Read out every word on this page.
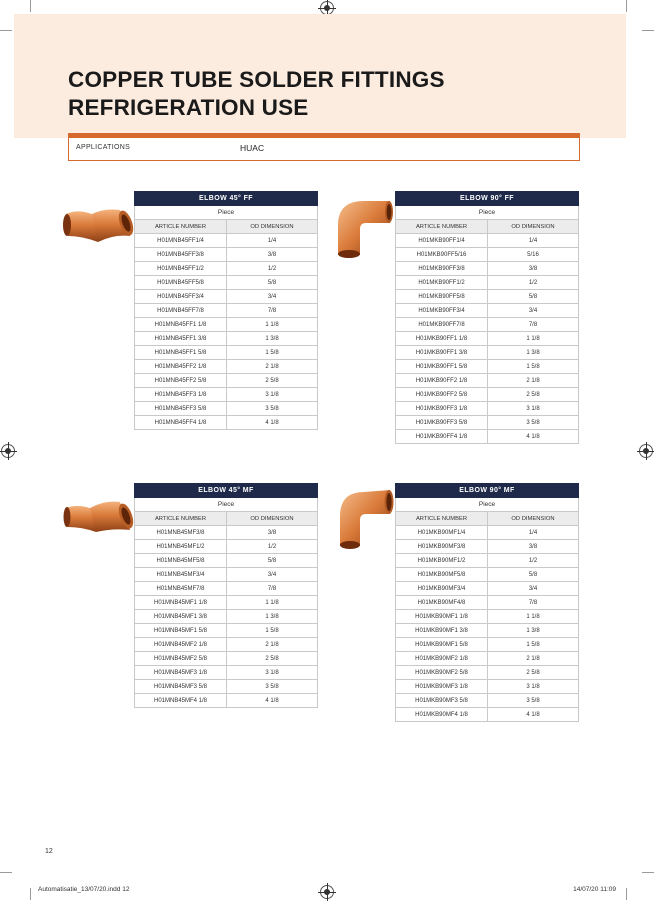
COPPER TUBE SOLDER FITTINGS
REFRIGERATION USE
APPLICATIONS	HUAC
ELBOW 45° FF	
Piece	
ARTICLE NUMBER	OD DIMENSION
H01MNB45FF1/4	1/4
H01MNB45FF3/8	3/8
H01MNB45FF1/2	1/2
H01MNB45FF5/8	5/8
H01MNB45FF3/4	3/4
H01MNB45FF7/8	7/8
H01MNB45FF1 1/8	1 1/8
H01MNB45FF1 3/8	1 3/8
H01MNB45FF1 5/8	1 5/8
H01MNB45FF2 1/8	2 1/8
H01MNB45FF2 5/8	2 5/8
H01MNB45FF3 1/8	3 1/8
H01MNB45FF3 5/8	3 5/8
H01MNB45FF4 1/8	4 1/8
ELBOW 90° FF	
Piece	
ARTICLE NUMBER	OD DIMENSION
H01MKB90FF1/4	1/4
H01MKB90FF5/16	5/16
H01MKB90FF3/8	3/8
H01MKB90FF1/2	1/2
H01MKB90FF5/8	5/8
H01MKB90FF3/4	3/4
H01MKB90FF7/8	7/8
H01MKB90FF1 1/8	1 1/8
H01MKB90FF1 3/8	1 3/8
H01MKB90FF1 5/8	1 5/8
H01MKB90FF2 1/8	2 1/8
H01MKB90FF2 5/8	2 5/8
H01MKB90FF3 1/8	3 1/8
H01MKB90FF3 5/8	3 5/8
H01MKB90FF4 1/8	4 1/8
ELBOW 45° MF	
Piece	
ARTICLE NUMBER	OD DIMENSION
H01MNB45MF3/8	3/8
H01MNB45MF1/2	1/2
H01MNB45MF5/8	5/8
H01MNB45MF3/4	3/4
H01MNB45MF7/8	7/8
H01MNB45MF1 1/8	1 1/8
H01MNB45MF1 3/8	1 3/8
H01MNB45MF1 5/8	1 5/8
H01MNB45MF2 1/8	2 1/8
H01MNB45MF2 5/8	2 5/8
H01MNB45MF3 1/8	3 1/8
H01MNB45MF3 5/8	3 5/8
H01MNB45MF4 1/8	4 1/8
ELBOW 90° MF	
Piece	
ARTICLE NUMBER	OD DIMENSION
H01MKB90MF1/4	1/4
H01MKB90MF3/8	3/8
H01MKB90MF1/2	1/2
H01MKB90MF5/8	5/8
H01MKB90MF3/4	3/4
H01MKB90MF4/8	7/8
H01MKB90MF1 1/8	1 1/8
H01MKB90MF1 3/8	1 3/8
H01MKB90MF1 5/8	1 5/8
H01MKB90MF2 1/8	2 1/8
H01MKB90MF2 5/8	2 5/8
H01MKB90MF3 1/8	3 1/8
H01MKB90MF3 5/8	3 5/8
H01MKB90MF4 1/8	4 1/8
12
Automatisatie_13/07/20.indd 12	14/07/20 11:09
